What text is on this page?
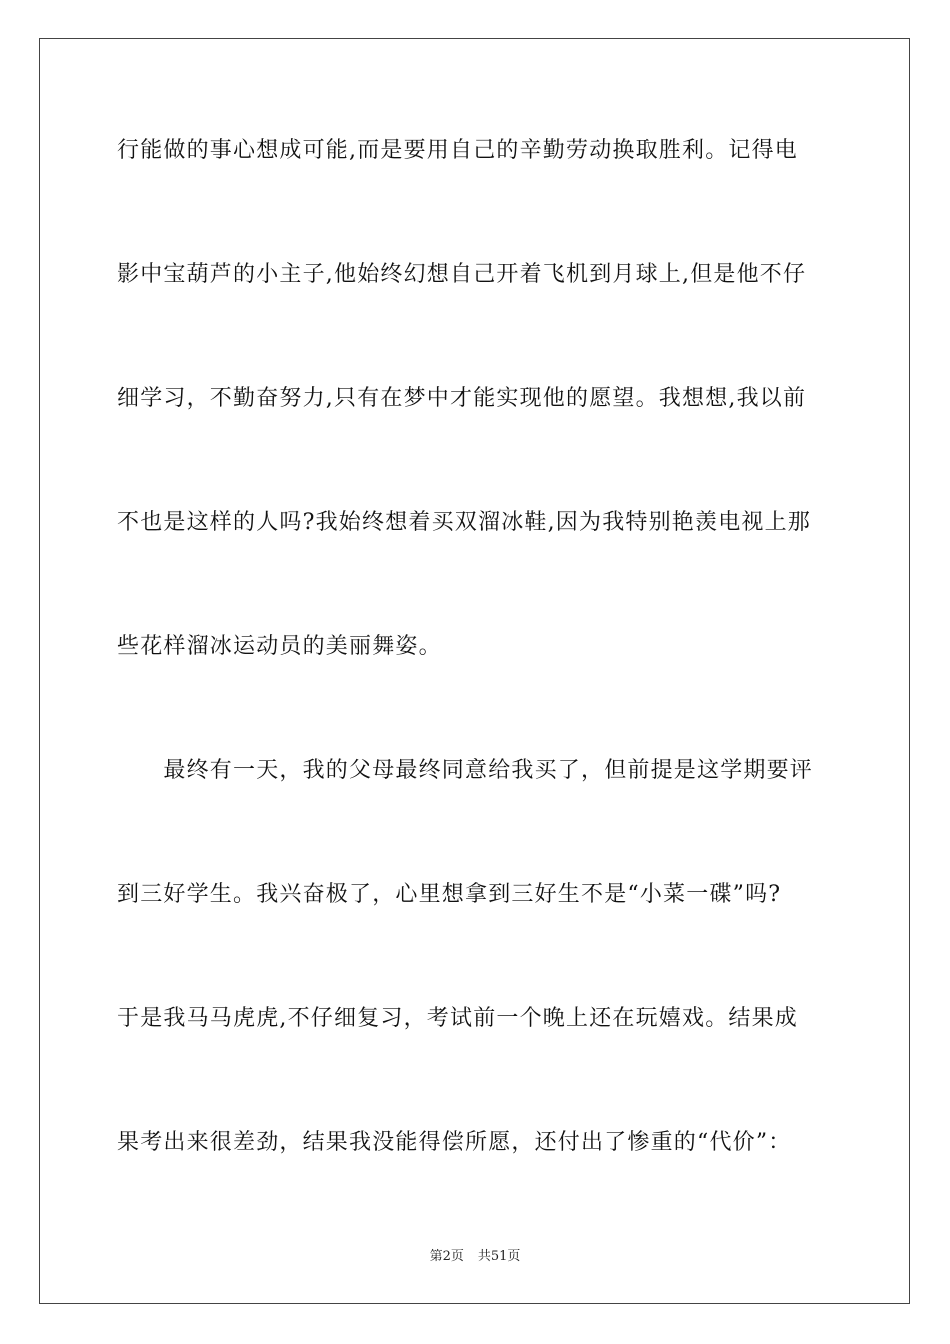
行能做的事心想成可能,而是要用自己的辛勤劳动换取胜利。记得电
影中宝葫芦的小主子,他始终幻想自己开着飞机到月球上,但是他不仔
细学习，不勤奋努力,只有在梦中才能实现他的愿望。我想想,我以前
不也是这样的人吗?我始终想着买双溜冰鞋,因为我特别艳羡电视上那
些花样溜冰运动员的美丽舞姿。
　　最终有一天，我的父母最终同意给我买了，但前提是这学期要评
到三好学生。我兴奋极了，心里想拿到三好生不是“小菜一碟”吗?
于是我马马虎虎,不仔细复习，考试前一个晚上还在玩嬉戏。结果成
果考出来很差劲，结果我没能得偿所愿，还付出了惨重的“代价”：
第2页 共51页
